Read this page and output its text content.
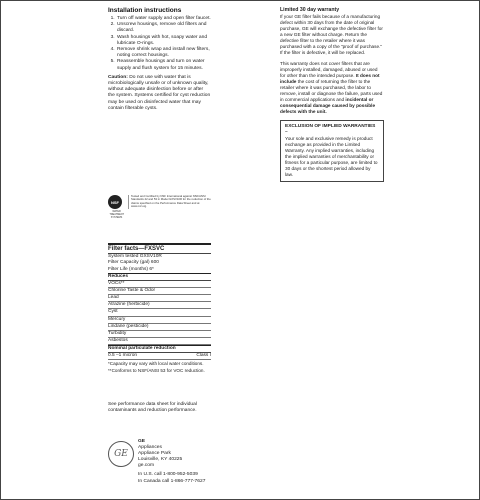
Installation instructions
1. Turn off water supply and open filter faucet.
2. Unscrew housings, remove old filters and discard.
3. Wash housings with hot, soapy water and lubricate O-rings.
4. Remove shrink wrap and install new filters, noting correct housings.
5. Reassemble housings and turn on water supply and flush system for 15 minutes.
Caution: Do not use with water that is microbiologically unsafe or of unknown quality, without adequate disinfection before or after the system. Systems certified for cyst reduction may be used on disinfected water that may contain filterable cysts.
Limited 30 day warranty

If your GE filter fails because of a manufacturing defect within 30 days from the date of original purchase, GE will exchange the defective filter for a new GE filter without charge. Return the defective filter to the retailer where it was purchased with a copy of the "proof of purchase." If the filter is defective, it will be replaced.

This warranty does not cover filters that are improperly installed, damaged, abused or used for other than the intended purpose. It does not include the cost of returning the filter to the retailer where it was purchased, the labor to remove, install or diagnose the failure, parts used in commercial applications and incidental or consequential damage caused by possible defects with the unit.

EXCLUSION OF IMPLIED WARRANTIES –
Your sole and exclusive remedy is product exchange as provided in the Limited Warranty. Any implied warranties, including the implied warranties of merchantability or fitness for a particular purpose, are limited to 30 days or the shortest period allowed by law.
NSF
WATER TREATMENT SYSTEMS
Tested and Certified by NSF International against NSF/ANSI Standards 42 and 53 in Model GXSV10R for the reduction of the claims specified on the Performance Data Sheet and at www.nsf.org.
Filter facts—FXSVC
System tested GXSV10R
Filter Capacity (gal) 600
Filter Life (months) 6*
Reduces
VOCs**
Chlorine Taste & Odor
Lead
Atrazine (herbicide)
Cyst
Mercury
Lindane (pesticide)
Turbidity
Asbestos
Nominal particulate reduction
0.5 –1 micron	Class I
*Capacity may vary with local water conditions.
**Conforms to NSF/ANSI 53 for VOC reduction.
See performance data sheet for individual contaminants and reduction performance.
GE
GE
Appliances
Appliance Park
Louisville, KY 40225
ge.com
In U.S. call 1-800-952-5039
In Canada call 1-866-777-7627
